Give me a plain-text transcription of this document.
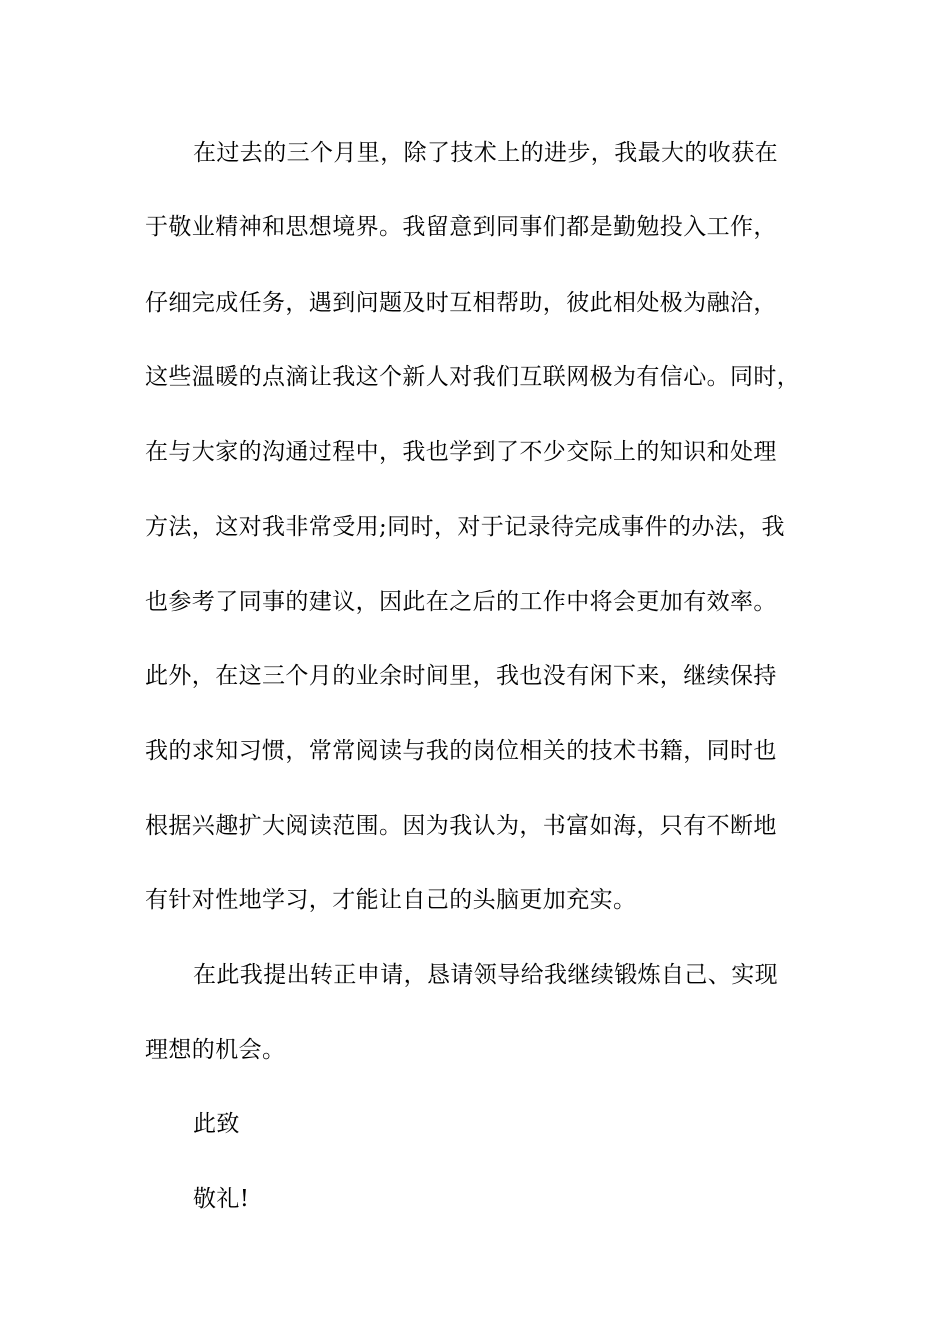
在过去的三个月里，除了技术上的进步，我最大的收获在
于敬业精神和思想境界。我留意到同事们都是勤勉投入工作，
仔细完成任务，遇到问题及时互相帮助，彼此相处极为融洽，
这些温暖的点滴让我这个新人对我们互联网极为有信心。同时，
在与大家的沟通过程中，我也学到了不少交际上的知识和处理
方法，这对我非常受用;同时，对于记录待完成事件的办法，我
也参考了同事的建议，因此在之后的工作中将会更加有效率。
此外，在这三个月的业余时间里，我也没有闲下来，继续保持
我的求知习惯，常常阅读与我的岗位相关的技术书籍，同时也
根据兴趣扩大阅读范围。因为我认为，书富如海，只有不断地
有针对性地学习，才能让自己的头脑更加充实。
在此我提出转正申请，恳请领导给我继续锻炼自己、实现
理想的机会。
此致
敬礼!
